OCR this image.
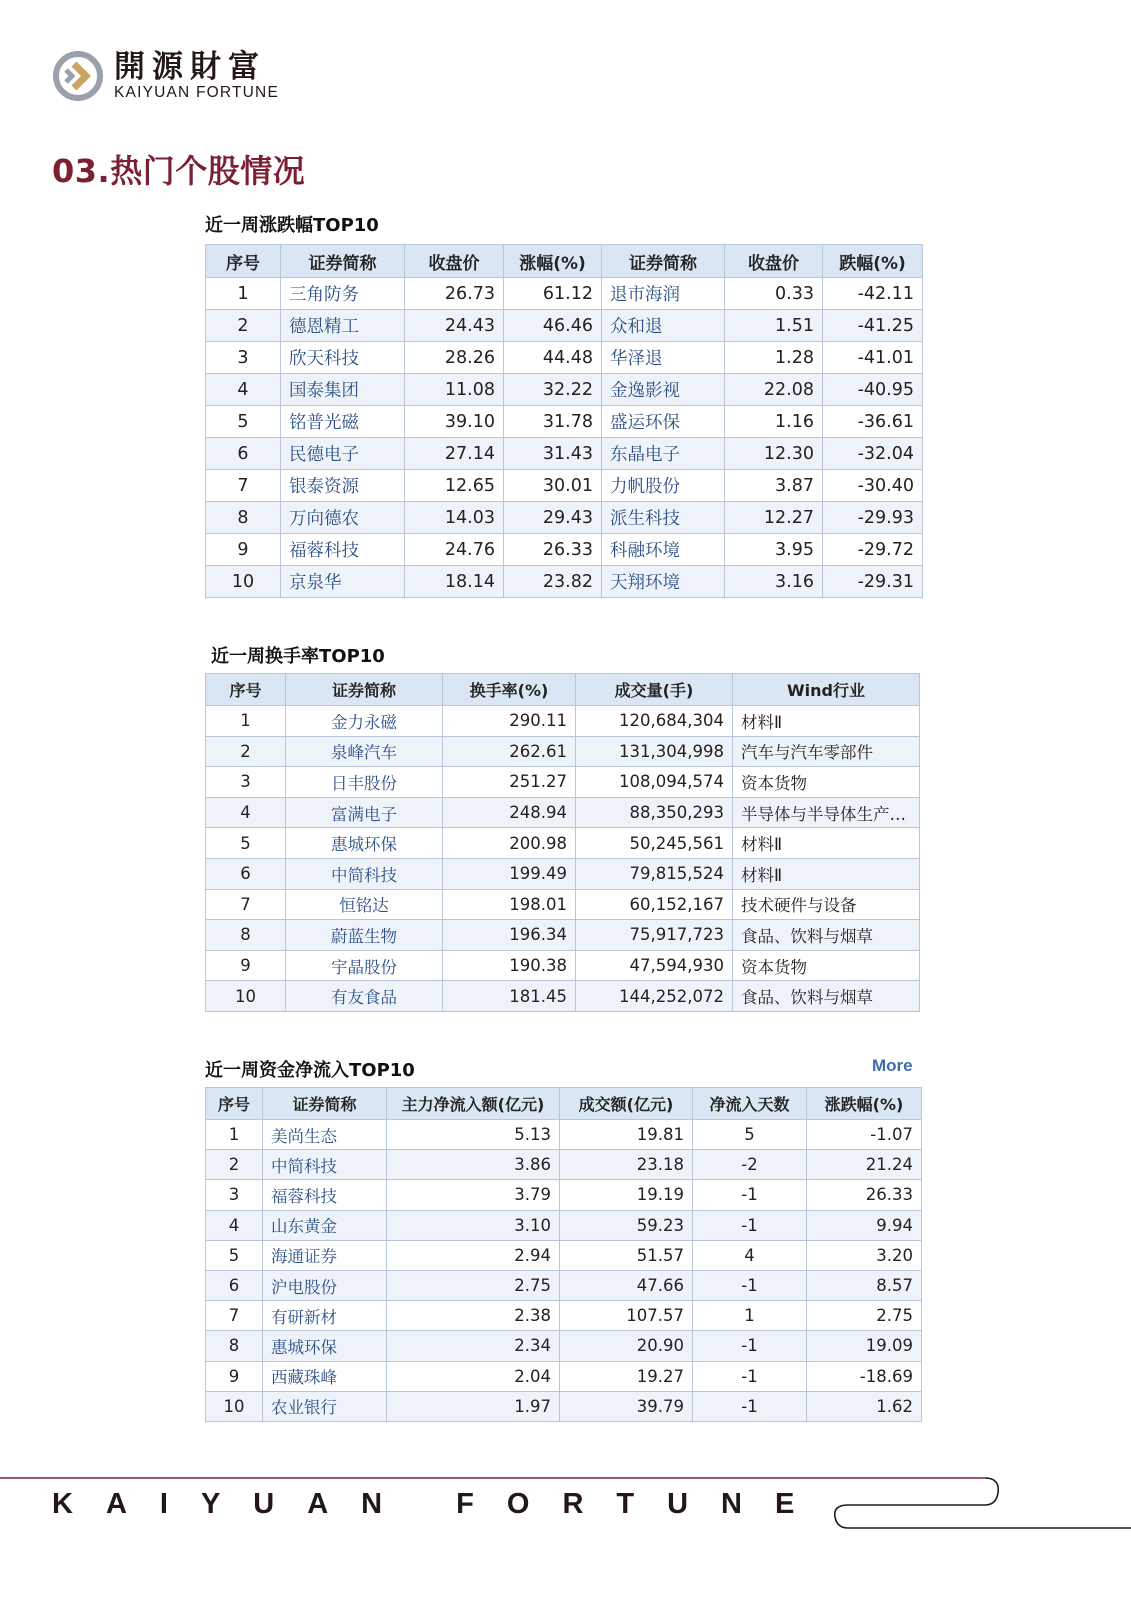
開源財富
KAIYUAN FORTUNE
03.热门个股情况
近一周涨跌幅TOP10
序号	证券简称	收盘价	涨幅(%)	证券简称	收盘价	跌幅(%)
1	三角防务	26.73	61.12	退市海润	0.33	-42.11
2	德恩精工	24.43	46.46	众和退	1.51	-41.25
3	欣天科技	28.26	44.48	华泽退	1.28	-41.01
4	国泰集团	11.08	32.22	金逸影视	22.08	-40.95
5	铭普光磁	39.10	31.78	盛运环保	1.16	-36.61
6	民德电子	27.14	31.43	东晶电子	12.30	-32.04
7	银泰资源	12.65	30.01	力帆股份	3.87	-30.40
8	万向德农	14.03	29.43	派生科技	12.27	-29.93
9	福蓉科技	24.76	26.33	科融环境	3.95	-29.72
10	京泉华	18.14	23.82	天翔环境	3.16	-29.31
近一周换手率TOP10
序号	证券简称	换手率(%)	成交量(手)	Wind行业
1	金力永磁	290.11	120,684,304	材料Ⅱ
2	泉峰汽车	262.61	131,304,998	汽车与汽车零部件
3	日丰股份	251.27	108,094,574	资本货物
4	富满电子	248.94	88,350,293	半导体与半导体生产…
5	惠城环保	200.98	50,245,561	材料Ⅱ
6	中简科技	199.49	79,815,524	材料Ⅱ
7	恒铭达	198.01	60,152,167	技术硬件与设备
8	蔚蓝生物	196.34	75,917,723	食品、饮料与烟草
9	宇晶股份	190.38	47,594,930	资本货物
10	有友食品	181.45	144,252,072	食品、饮料与烟草
近一周资金净流入TOP10	More
序号	证券简称	主力净流入额(亿元)	成交额(亿元)	净流入天数	涨跌幅(%)
1	美尚生态	5.13	19.81	5	-1.07
2	中简科技	3.86	23.18	-2	21.24
3	福蓉科技	3.79	19.19	-1	26.33
4	山东黄金	3.10	59.23	-1	9.94
5	海通证券	2.94	51.57	4	3.20
6	沪电股份	2.75	47.66	-1	8.57
7	有研新材	2.38	107.57	1	2.75
8	惠城环保	2.34	20.90	-1	19.09
9	西藏珠峰	2.04	19.27	-1	-18.69
10	农业银行	1.97	39.79	-1	1.62
KAIYUAN FORTUNE
